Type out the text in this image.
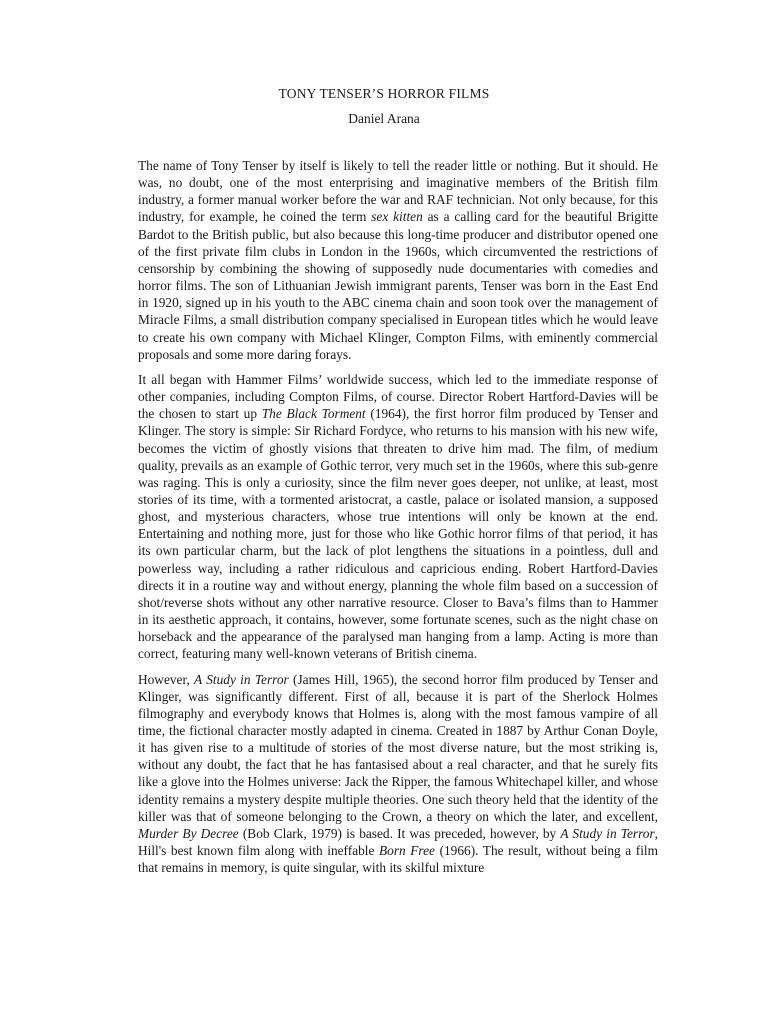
TONY TENSER’S HORROR FILMS
Daniel Arana

The name of Tony Tenser by itself is likely to tell the reader little or nothing. But it should. He was, no doubt, one of the most enterprising and imaginative members of the British film industry, a former manual worker before the war and RAF technician. Not only because, for this industry, for example, he coined the term sex kitten as a calling card for the beautiful Brigitte Bardot to the British public, but also because this long-time producer and distributor opened one of the first private film clubs in London in the 1960s, which circumvented the restrictions of censorship by combining the showing of supposedly nude documentaries with comedies and horror films. The son of Lithuanian Jewish immigrant parents, Tenser was born in the East End in 1920, signed up in his youth to the ABC cinema chain and soon took over the management of Miracle Films, a small distribution company specialised in European titles which he would leave to create his own company with Michael Klinger, Compton Films, with eminently commercial proposals and some more daring forays.

It all began with Hammer Films’ worldwide success, which led to the immediate response of other companies, including Compton Films, of course. Director Robert Hartford-Davies will be the chosen to start up The Black Torment (1964), the first horror film produced by Tenser and Klinger. The story is simple: Sir Richard Fordyce, who returns to his mansion with his new wife, becomes the victim of ghostly visions that threaten to drive him mad. The film, of medium quality, prevails as an example of Gothic terror, very much set in the 1960s, where this sub-genre was raging. This is only a curiosity, since the film never goes deeper, not unlike, at least, most stories of its time, with a tormented aristocrat, a castle, palace or isolated mansion, a supposed ghost, and mysterious characters, whose true intentions will only be known at the end. Entertaining and nothing more, just for those who like Gothic horror films of that period, it has its own particular charm, but the lack of plot lengthens the situations in a pointless, dull and powerless way, including a rather ridiculous and capricious ending. Robert Hartford-Davies directs it in a routine way and without energy, planning the whole film based on a succession of shot/reverse shots without any other narrative resource. Closer to Bava’s films than to Hammer in its aesthetic approach, it contains, however, some fortunate scenes, such as the night chase on horseback and the appearance of the paralysed man hanging from a lamp. Acting is more than correct, featuring many well-known veterans of British cinema.

However, A Study in Terror (James Hill, 1965), the second horror film produced by Tenser and Klinger, was significantly different. First of all, because it is part of the Sherlock Holmes filmography and everybody knows that Holmes is, along with the most famous vampire of all time, the fictional character mostly adapted in cinema. Created in 1887 by Arthur Conan Doyle, it has given rise to a multitude of stories of the most diverse nature, but the most striking is, without any doubt, the fact that he has fantasised about a real character, and that he surely fits like a glove into the Holmes universe: Jack the Ripper, the famous Whitechapel killer, and whose identity remains a mystery despite multiple theories. One such theory held that the identity of the killer was that of someone belonging to the Crown, a theory on which the later, and excellent, Murder By Decree (Bob Clark, 1979) is based. It was preceded, however, by A Study in Terror, Hill's best known film along with ineffable Born Free (1966). The result, without being a film that remains in memory, is quite singular, with its skilful mixture
